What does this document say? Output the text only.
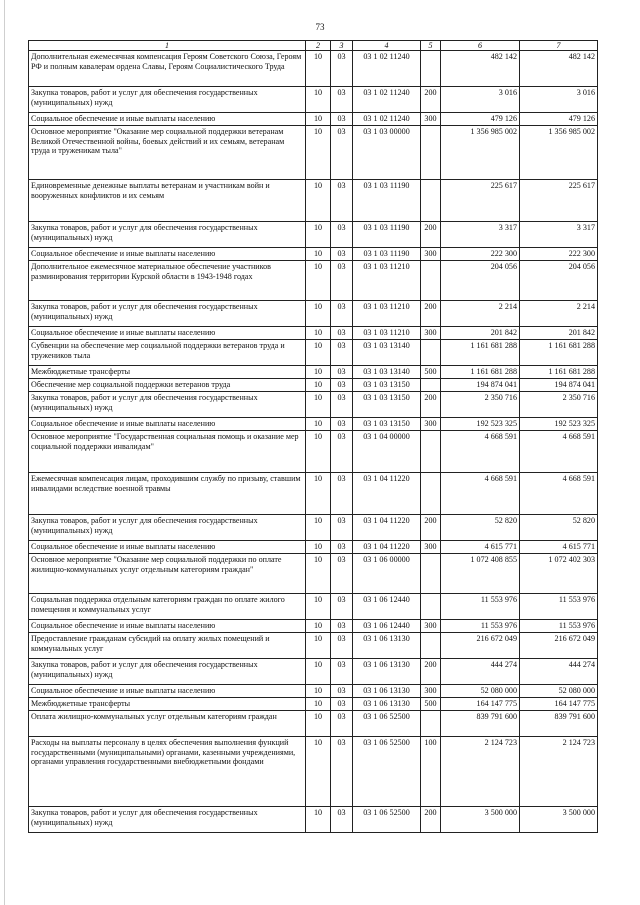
73
1	2	3	4	5	6	7
Дополнительная ежемесячная компенсация Героям Советского Союза, Героям РФ и полным кавалерам ордена Славы, Героям Социалистического Труда	10	03	03 1 02 11240		482 142	482 142
Закупка товаров, работ и услуг для обеспечения государственных (муниципальных) нужд	10	03	03 1 02 11240	200	3 016	3 016
Социальное обеспечение и иные выплаты населению	10	03	03 1 02 11240	300	479 126	479 126
Основное мероприятие "Оказание мер социальной поддержки ветеранам Великой Отечественной войны, боевых действий и их семьям, ветеранам труда и труженикам тыла"	10	03	03 1 03 00000		1 356 985 002	1 356 985 002
Единовременные денежные выплаты ветеранам и участникам войн и вооруженных конфликтов и их семьям	10	03	03 1 03 11190		225 617	225 617
Закупка товаров, работ и услуг для обеспечения государственных (муниципальных) нужд	10	03	03 1 03 11190	200	3 317	3 317
Социальное обеспечение и иные выплаты населению	10	03	03 1 03 11190	300	222 300	222 300
Дополнительное ежемесячное материальное обеспечение участников разминирования территории Курской области в 1943-1948 годах	10	03	03 1 03 11210		204 056	204 056
Закупка товаров, работ и услуг для обеспечения государственных (муниципальных) нужд	10	03	03 1 03 11210	200	2 214	2 214
Социальное обеспечение и иные выплаты населению	10	03	03 1 03 11210	300	201 842	201 842
Субвенции на обеспечение мер социальной поддержки ветеранов труда и тружеников тыла	10	03	03 1 03 13140		1 161 681 288	1 161 681 288
Межбюджетные трансферты	10	03	03 1 03 13140	500	1 161 681 288	1 161 681 288
Обеспечение мер социальной поддержки ветеранов труда	10	03	03 1 03 13150		194 874 041	194 874 041
Закупка товаров, работ и услуг для обеспечения государственных (муниципальных) нужд	10	03	03 1 03 13150	200	2 350 716	2 350 716
Социальное обеспечение и иные выплаты населению	10	03	03 1 03 13150	300	192 523 325	192 523 325
Основное мероприятие "Государственная социальная помощь и оказание мер социальной поддержки инвалидам"	10	03	03 1 04 00000		4 668 591	4 668 591
Ежемесячная компенсация лицам, проходившим службу по призыву, ставшим инвалидами вследствие военной травмы	10	03	03 1 04 11220		4 668 591	4 668 591
Закупка товаров, работ и услуг для обеспечения государственных (муниципальных) нужд	10	03	03 1 04 11220	200	52 820	52 820
Социальное обеспечение и иные выплаты населению	10	03	03 1 04 11220	300	4 615 771	4 615 771
Основное мероприятие "Оказание мер социальной поддержки по оплате жилищно-коммунальных услуг отдельным категориям граждан"	10	03	03 1 06 00000		1 072 408 855	1 072 402 303
Социальная поддержка отдельным категориям граждан по оплате жилого помещения и коммунальных услуг	10	03	03 1 06 12440		11 553 976	11 553 976
Социальное обеспечение и иные выплаты населению	10	03	03 1 06 12440	300	11 553 976	11 553 976
Предоставление гражданам субсидий на оплату жилых помещений и коммунальных услуг	10	03	03 1 06 13130		216 672 049	216 672 049
Закупка товаров, работ и услуг для обеспечения государственных (муниципальных) нужд	10	03	03 1 06 13130	200	444 274	444 274
Социальное обеспечение и иные выплаты населению	10	03	03 1 06 13130	300	52 080 000	52 080 000
Межбюджетные трансферты	10	03	03 1 06 13130	500	164 147 775	164 147 775
Оплата жилищно-коммунальных услуг отдельным категориям граждан	10	03	03 1 06 52500		839 791 600	839 791 600
Расходы на выплаты персоналу в целях обеспечения выполнения функций государственными (муниципальными) органами, казенными учреждениями, органами управления государственными внебюджетными фондами	10	03	03 1 06 52500	100	2 124 723	2 124 723
Закупка товаров, работ и услуг для обеспечения государственных (муниципальных) нужд	10	03	03 1 06 52500	200	3 500 000	3 500 000
